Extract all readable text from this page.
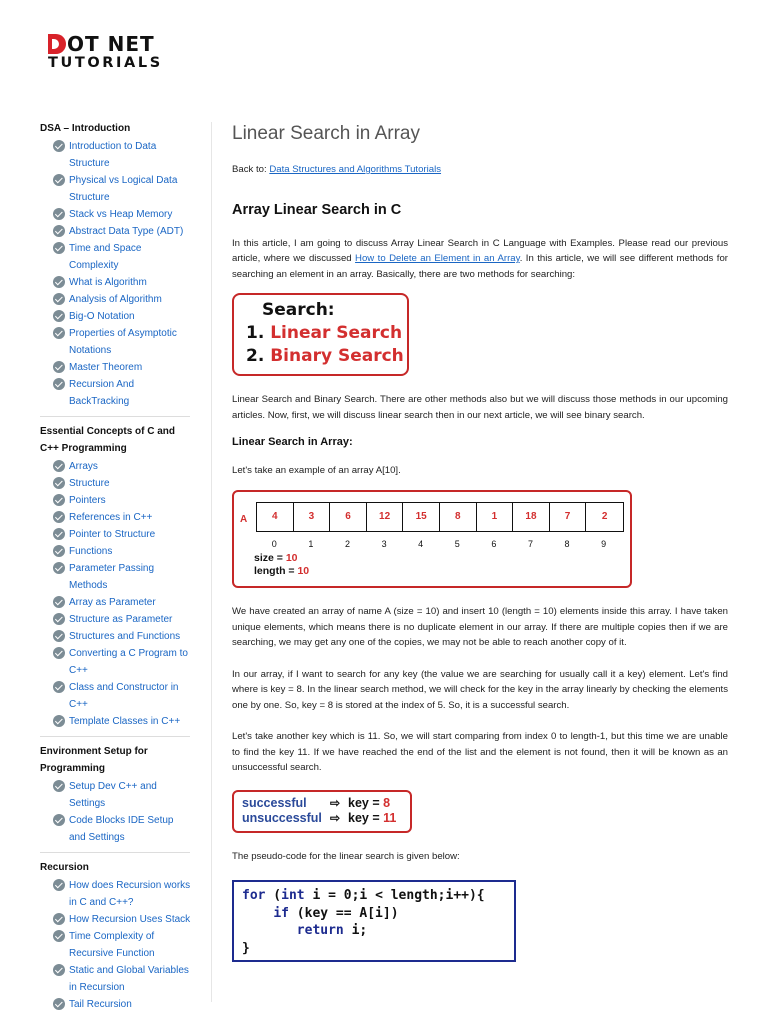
OT NET
TUTORIALS
DSA – Introduction
Introduction to Data Structure
Physical vs Logical Data Structure
Stack vs Heap Memory
Abstract Data Type (ADT)
Time and Space Complexity
What is Algorithm
Analysis of Algorithm
Big-O Notation
Properties of Asymptotic Notations
Master Theorem
Recursion And BackTracking
Essential Concepts of C and C++ Programming
Arrays
Structure
Pointers
References in C++
Pointer to Structure
Functions
Parameter Passing Methods
Array as Parameter
Structure as Parameter
Structures and Functions
Converting a C Program to C++
Class and Constructor in C++
Template Classes in C++
Environment Setup for Programming
Setup Dev C++ and Settings
Code Blocks IDE Setup and Settings
Recursion
How does Recursion works in C and C++?
How Recursion Uses Stack
Time Complexity of Recursive Function
Static and Global Variables in Recursion
Tail Recursion
Linear Search in Array
Back to: Data Structures and Algorithms Tutorials
Array Linear Search in C

In this article, I am going to discuss Array Linear Search in C Language with Examples. Please read our previous article, where we discussed How to Delete an Element in an Array. In this article, we will see different methods for searching an element in an array. Basically, there are two methods for searching:

Search:
1. Linear Search
2. Binary Search

Linear Search and Binary Search. There are other methods also but we will discuss those methods in our upcoming articles. Now, first, we will discuss linear search then in our next article, we will see binary search.

Linear Search in Array:

Let's take an example of an array A[10].

A	4	3	6	12	15	8	1	18	7	2
0	1	2	3	4	5	6	7	8	9
size = 10
length = 10

We have created an array of name A (size = 10) and insert 10 (length = 10) elements inside this array. I have taken unique elements, which means there is no duplicate element in our array. If there are multiple copies then if we are searching, we may get any one of the copies, we may not be able to reach another copy of it.

In our array, if I want to search for any key (the value we are searching for usually call it a key) element. Let's find where is key = 8. In the linear search method, we will check for the key in the array linearly by checking the elements one by one. So, key = 8 is stored at the index of 5. So, it is a successful search.

Let's take another key which is 11. So, we will start comparing from index 0 to length-1, but this time we are unable to find the key 11. If we have reached the end of the list and the element is not found, then it will be known as an unsuccessful search.

successful	⇨ key = 8
unsuccessful ⇨ key = 11

The pseudo-code for the linear search is given below:

for (int i = 0;i < length;i++){
if (key == A[i])
return i;
}
